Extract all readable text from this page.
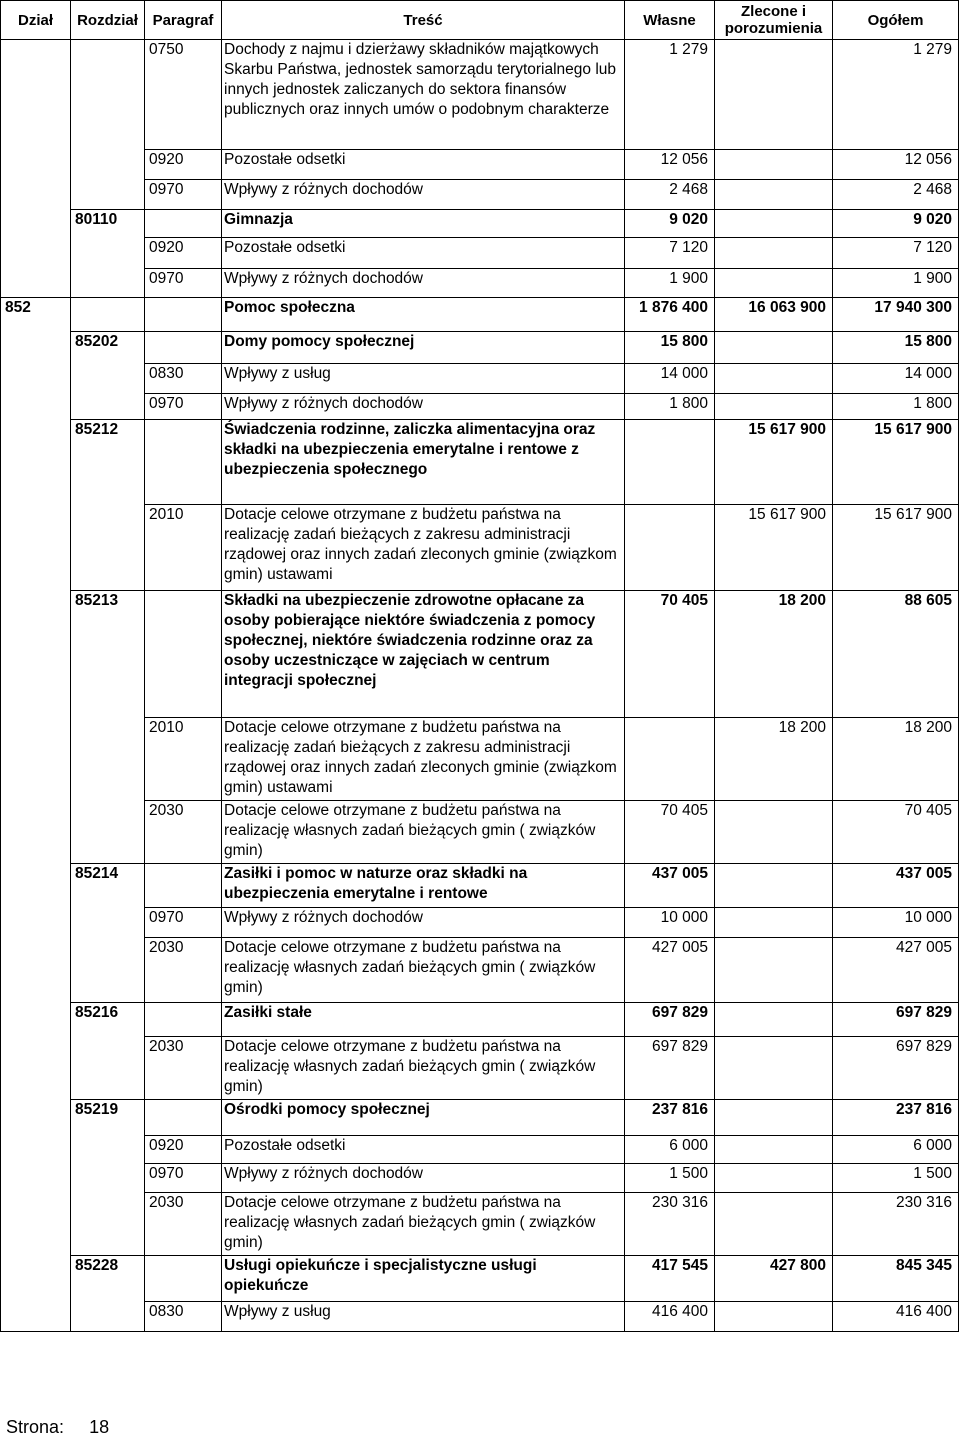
Dział	Rozdział	Paragraf	Treść	Własne	Zlecone i porozumienia	Ogółem
		0750	Dochody z najmu i dzierżawy składników majątkowych Skarbu Państwa, jednostek samorządu terytorialnego lub innych jednostek zaliczanych do sektora finansów publicznych oraz innych umów o podobnym charakterze	1 279		1 279
		0920	Pozostałe odsetki	12 056		12 056
		0970	Wpływy z różnych dochodów	2 468		2 468
	80110		Gimnazja	9 020		9 020
		0920	Pozostałe odsetki	7 120		7 120
		0970	Wpływy z różnych dochodów	1 900		1 900
852			Pomoc społeczna	1 876 400	16 063 900	17 940 300
	85202		Domy pomocy społecznej	15 800		15 800
		0830	Wpływy z usług	14 000		14 000
		0970	Wpływy z różnych dochodów	1 800		1 800
	85212		Świadczenia rodzinne, zaliczka alimentacyjna oraz składki na ubezpieczenia emerytalne i rentowe z ubezpieczenia społecznego		15 617 900	15 617 900
		2010	Dotacje celowe otrzymane z budżetu państwa na realizację zadań bieżących z zakresu administracji rządowej oraz innych zadań zleconych gminie (związkom gmin) ustawami		15 617 900	15 617 900
	85213		Składki na ubezpieczenie zdrowotne opłacane za osoby pobierające niektóre świadczenia z pomocy społecznej, niektóre świadczenia rodzinne oraz za osoby uczestniczące w zajęciach w centrum integracji społecznej	70 405	18 200	88 605
		2010	Dotacje celowe otrzymane z budżetu państwa na realizację zadań bieżących z zakresu administracji rządowej oraz innych zadań zleconych gminie (związkom gmin) ustawami		18 200	18 200
		2030	Dotacje celowe otrzymane z budżetu państwa na realizację własnych zadań bieżących gmin ( związków gmin)	70 405		70 405
	85214		Zasiłki i pomoc w naturze oraz składki na ubezpieczenia emerytalne i rentowe	437 005		437 005
		0970	Wpływy z różnych dochodów	10 000		10 000
		2030	Dotacje celowe otrzymane z budżetu państwa na realizację własnych zadań bieżących gmin ( związków gmin)	427 005		427 005
	85216		Zasiłki stałe	697 829		697 829
		2030	Dotacje celowe otrzymane z budżetu państwa na realizację własnych zadań bieżących gmin ( związków gmin)	697 829		697 829
	85219		Ośrodki pomocy społecznej	237 816		237 816
		0920	Pozostałe odsetki	6 000		6 000
		0970	Wpływy z różnych dochodów	1 500		1 500
		2030	Dotacje celowe otrzymane z budżetu państwa na realizację własnych zadań bieżących gmin ( związków gmin)	230 316		230 316
	85228		Usługi opiekuńcze i specjalistyczne usługi opiekuńcze	417 545	427 800	845 345
		0830	Wpływy z usług	416 400		416 400
Strona: 18
